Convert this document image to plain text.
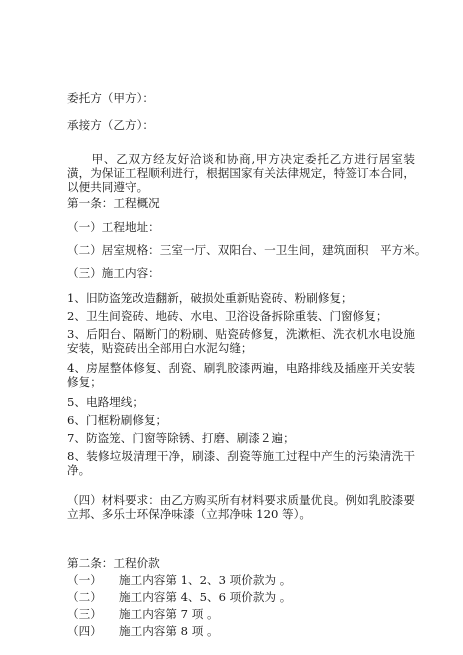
委托方（甲方）：
承接方（乙方）：
　　甲、乙双方经友好洽谈和协商,甲方决定委托乙方进行居室装潢，为保证工程顺利进行，根据国家有关法律规定，特签订本合同，以便共同遵守。
第一条：工程概况
（一）工程地址：
（二）居室规格：三室一厅、双阳台、一卫生间，建筑面积　平方米。
（三）施工内容：
1、旧防盗笼改造翻新，破损处重新贴瓷砖、粉刷修复；
2、卫生间瓷砖、地砖、水电、卫浴设备拆除重装、门窗修复；
3、后阳台、隔断门的粉刷、贴瓷砖修复，洗漱柜、洗衣机水电设施安装，贴瓷砖出全部用白水泥勾缝；
4、房屋整体修复、刮瓷、刷乳胶漆两遍，电路排线及插座开关安装修复；
5、电路埋线；
6、门框粉刷修复；
7、防盗笼、门窗等除锈、打磨、刷漆２遍；
8、装修垃圾清理干净，刷漆、刮瓷等施工过程中产生的污染清洗干净。
（四）材料要求：由乙方购买所有材料要求质量优良。例如乳胶漆要立邦、多乐士环保净味漆（立邦净味 120 等）。
第二条：工程价款
（一） 施工内容第 1、2、3 项价款为 。
（二） 施工内容第 4、5、6 项价款为 。
（三） 施工内容第 7 项 。
（四） 施工内容第 8 项 。
